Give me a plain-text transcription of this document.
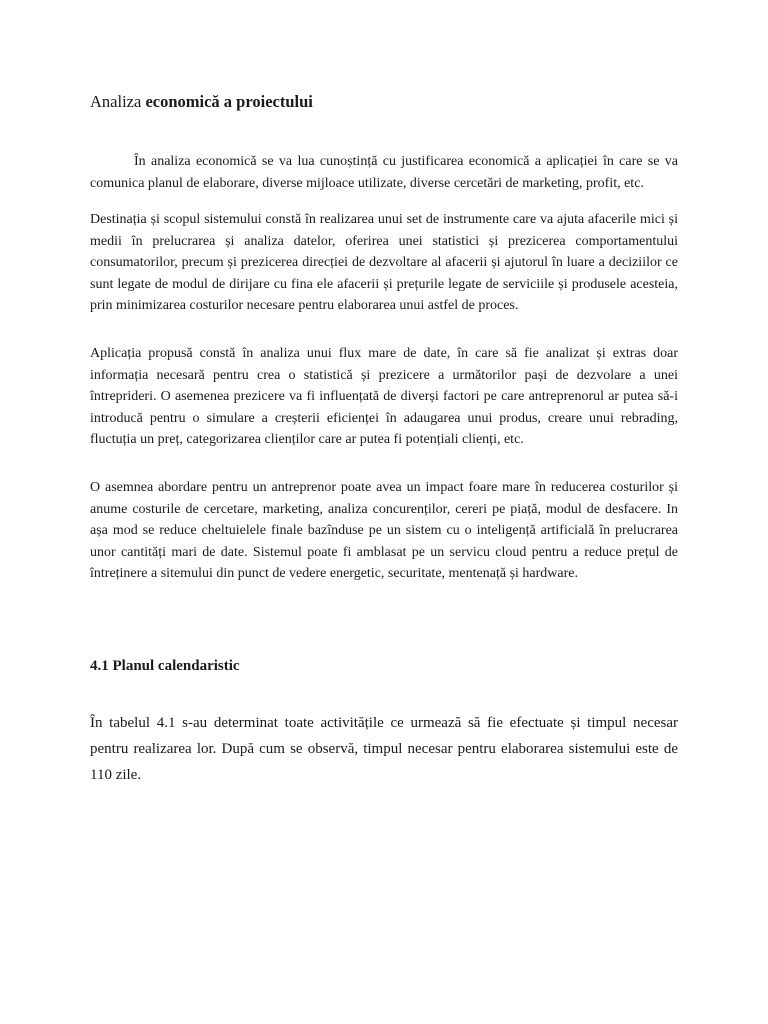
Analiza economică a proiectului

În analiza economică se va lua cunoștință cu justificarea economică a aplicației în care se va comunica planul de elaborare, diverse mijloace utilizate, diverse cercetări de marketing, profit, etc.

Destinația și scopul sistemului constă în realizarea unui set de instrumente care va ajuta afacerile mici și medii în prelucrarea și analiza datelor, oferirea unei statistici și prezicerea comportamentului consumatorilor, precum și prezicerea direcției de dezvoltare al afacerii și ajutorul în luare a deciziilor ce sunt legate de modul de dirijare cu fina ele afacerii și prețurile legate de serviciile și produsele acesteia, prin minimizarea costurilor necesare pentru elaborarea unui astfel de proces.

Aplicația propusă constă în analiza unui flux mare de date, în care să fie analizat și extras doar informația necesară pentru crea o statistică și prezicere a următorilor pași de dezvolare a unei întreprideri. O asemenea prezicere va fi influențată de diverși factori pe care antreprenorul ar putea să-i introducă pentru o simulare a creșterii eficienței în adaugarea unui produs, creare unui rebrading, fluctuția un preț, categorizarea clienților care ar putea fi potențiali clienți, etc.

O asemnea abordare pentru un antreprenor poate avea un impact foare mare în reducerea costurilor și anume costurile de cercetare, marketing, analiza concurenților, cereri pe piață, modul de desfacere. In așa mod se reduce cheltuielele finale bazînduse pe un sistem cu o inteligență artificială în prelucrarea unor cantități mari de date. Sistemul poate fi amblasat pe un servicu cloud pentru a reduce prețul de întreținere a sitemului din punct de vedere energetic, securitate, mentenață și hardware.

4.1 Planul calendaristic

În tabelul 4.1 s-au determinat toate activitățile ce urmează să fie efectuate și timpul necesar pentru realizarea lor. După cum se observă, timpul necesar pentru elaborarea sistemului este de 110 zile.
